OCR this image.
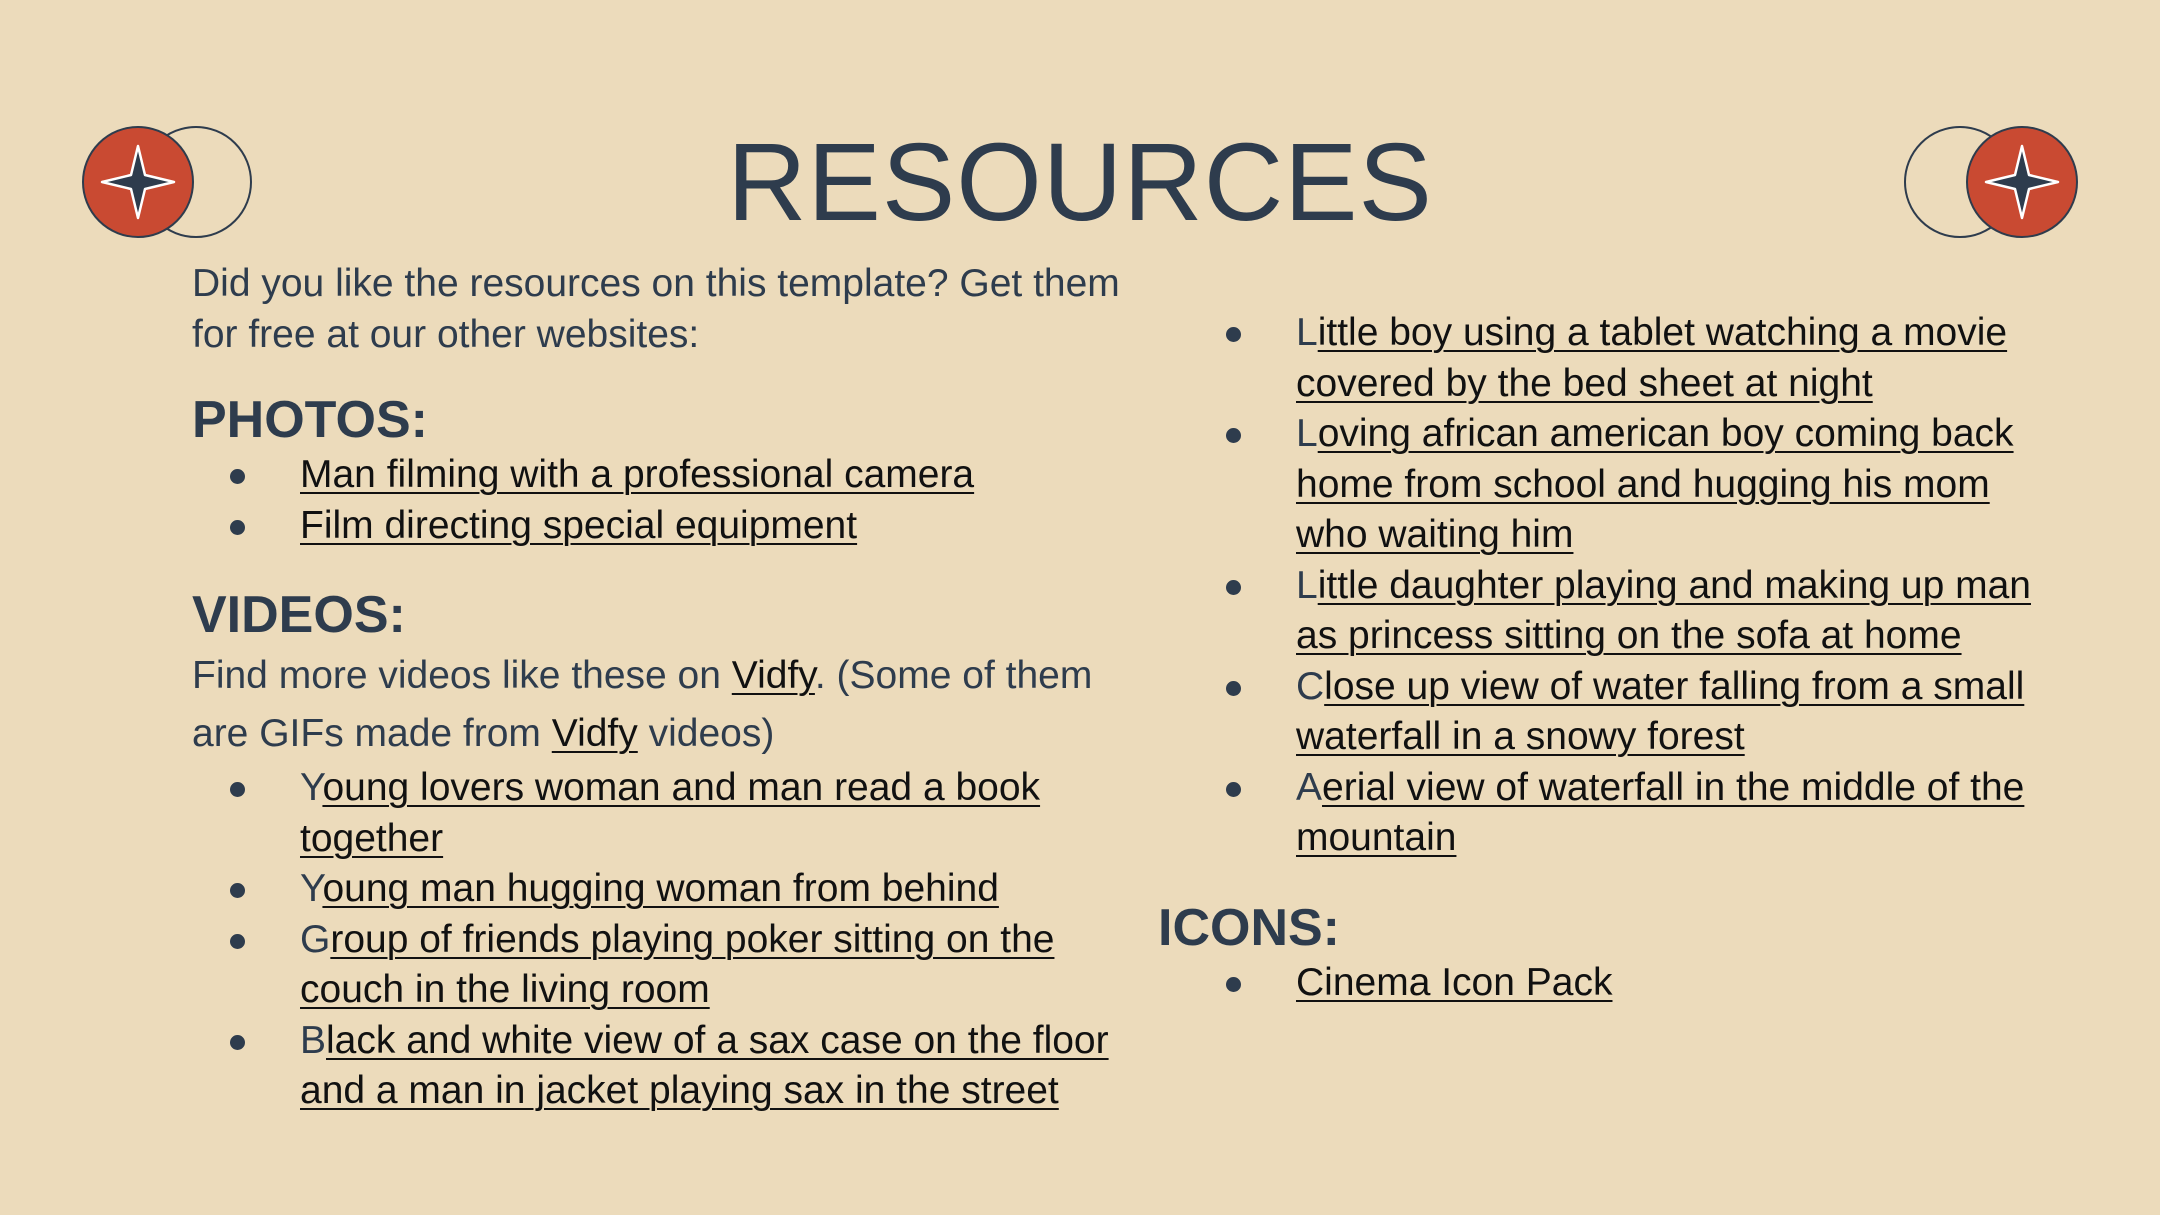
RESOURCES

Did you like the resources on this template? Get them for free at our other websites:

PHOTOS:

Man filming with a professional camera
Film directing special equipment

VIDEOS:

Find more videos like these on Vidfy. (Some of them are GIFs made from Vidfy videos)

Young lovers woman and man read a book together
Young man hugging woman from behind
Group of friends playing poker sitting on the couch in the living room
Black and white view of a sax case on the floor and a man in jacket playing sax in the street
Little boy using a tablet watching a movie covered by the bed sheet at night
Loving african american boy coming back home from school and hugging his mom who waiting him
Little daughter playing and making up man as princess sitting on the sofa at home
Close up view of water falling from a small waterfall in a snowy forest
Aerial view of waterfall in the middle of the mountain

ICONS:

Cinema Icon Pack
